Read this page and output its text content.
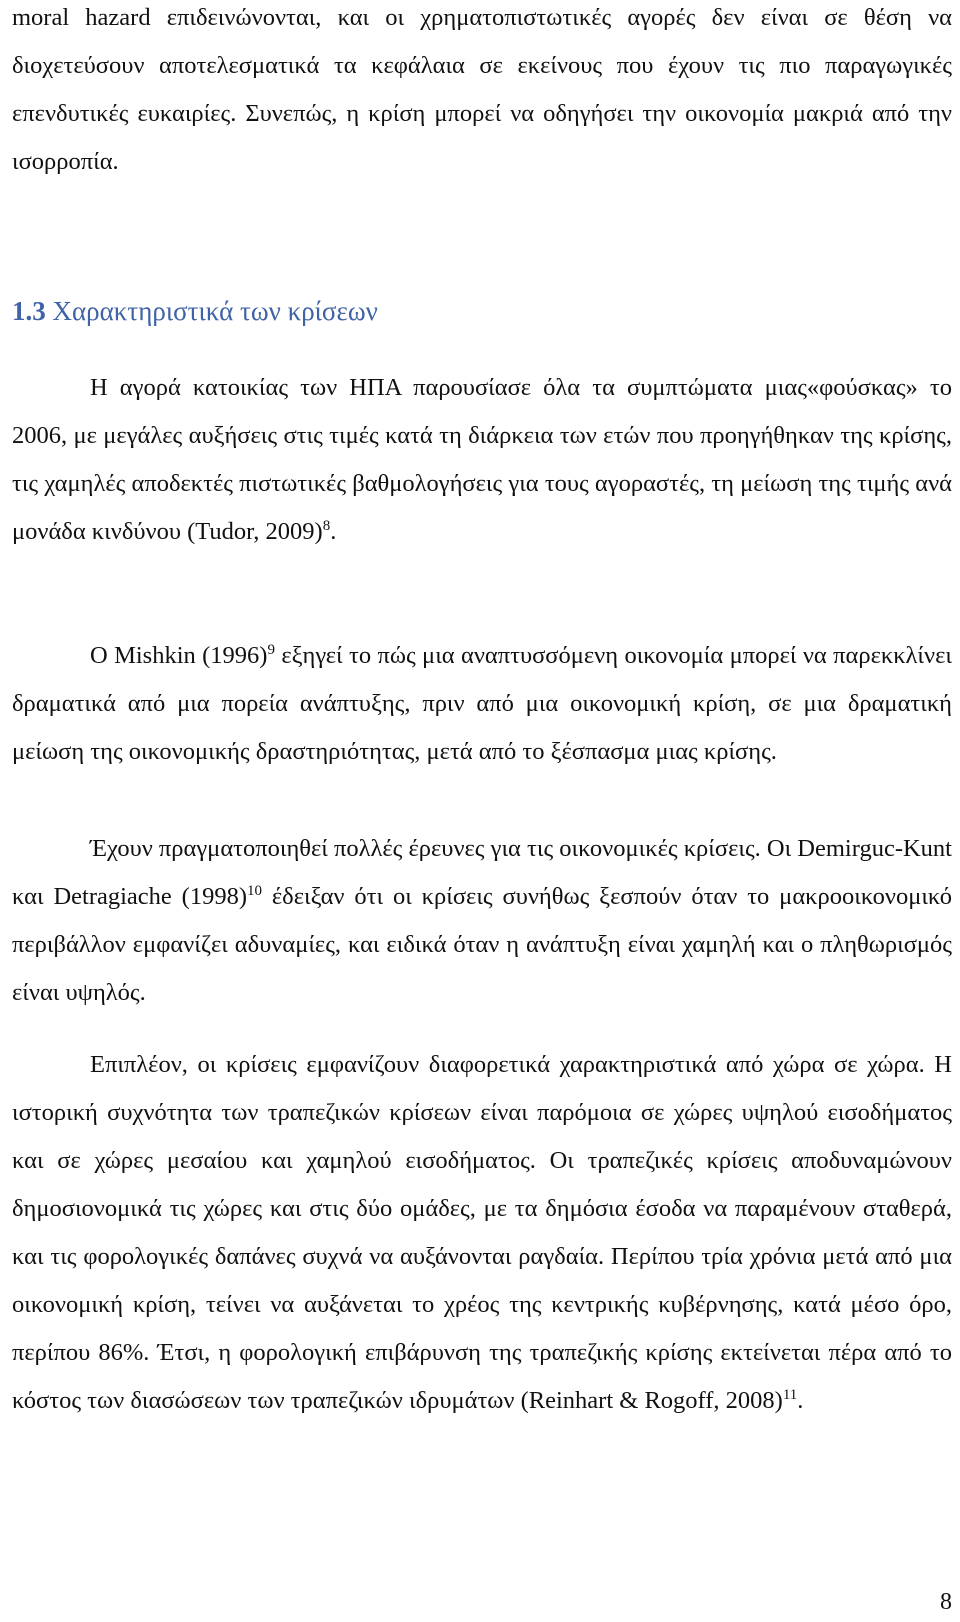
moral hazard επιδεινώνονται, και οι χρηματοπιστωτικές αγορές δεν είναι σε θέση να διοχετεύσουν αποτελεσματικά τα κεφάλαια σε εκείνους που έχουν τις πιο παραγωγικές επενδυτικές ευκαιρίες. Συνεπώς, η κρίση μπορεί να οδηγήσει την οικονομία μακριά από την ισορροπία.

1.3 Χαρακτηριστικά των κρίσεων

Η αγορά κατοικίας των ΗΠΑ παρουσίασε όλα τα συμπτώματα μιας«φούσκας» το 2006, με μεγάλες αυξήσεις στις τιμές κατά τη διάρκεια των ετών που προηγήθηκαν της κρίσης, τις χαμηλές αποδεκτές πιστωτικές βαθμολογήσεις για τους αγοραστές, τη μείωση της τιμής ανά μονάδα κινδύνου (Tudor, 2009)$^8$.

Ο Mishkin $(1996)^9$ εξηγεί το πώς μια αναπτυσσόμενη οικονομία μπορεί να παρεκκλίνει δραματικά από μια πορεία ανάπτυξης, πριν από μια οικονομική κρίση, σε μια δραματική μείωση της οικονομικής δραστηριότητας, μετά από το ξέσπασμα μιας κρίσης.

Έχουν πραγματοποιηθεί πολλές έρευνες για τις οικονομικές κρίσεις. Οι Demirguc-Kunt και Detragiache $(1998)^{10}$ έδειξαν ότι οι κρίσεις συνήθως ξεσπούν όταν το μακροοικονομικό περιβάλλον εμφανίζει αδυναμίες, και ειδικά όταν η ανάπτυξη είναι χαμηλή και ο πληθωρισμός είναι υψηλός.

Επιπλέον, οι κρίσεις εμφανίζουν διαφορετικά χαρακτηριστικά από χώρα σε χώρα. Η ιστορική συχνότητα των τραπεζικών κρίσεων είναι παρόμοια σε χώρες υψηλού εισοδήματος και σε χώρες μεσαίου και χαμηλού εισοδήματος. Οι τραπεζικές κρίσεις αποδυναμώνουν δημοσιονομικά τις χώρες και στις δύο ομάδες, με τα δημόσια έσοδα να παραμένουν σταθερά, και τις φορολογικές δαπάνες συχνά να αυξάνονται ραγδαία. Περίπου τρία χρόνια μετά από μια οικονομική κρίση, τείνει να αυξάνεται το χρέος της κεντρικής κυβέρνησης, κατά μέσο όρο, περίπου 86%. Έτσι, η φορολογική επιβάρυνση της τραπεζικής κρίσης εκτείνεται πέρα από το κόστος των διασώσεων των τραπεζικών ιδρυμάτων (Reinhart & Rogoff, 2008)$^{11}$.

8
